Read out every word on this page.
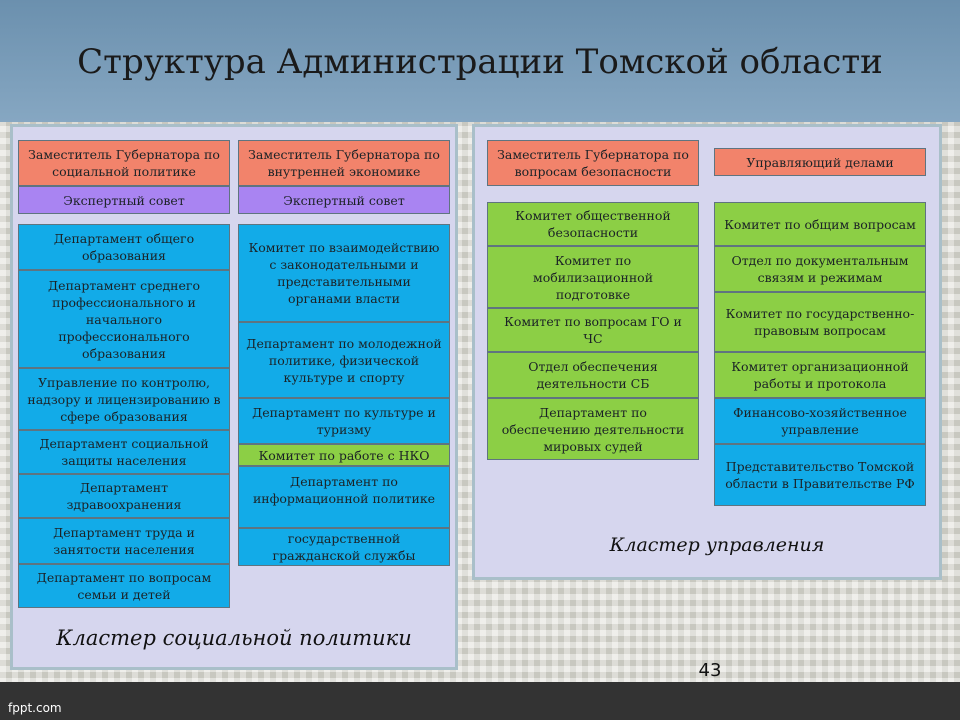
Структура Администрации Томской области
Заместитель Губернатора по социальной политике
Экспертный совет
Департамент общего образования
Департамент среднего профессионального и начального профессионального образования
Управление по контролю, надзору и лицензированию в сфере образования
Департамент социальной защиты населения
Департамент здравоохранения
Департамент труда и занятости населения
Департамент по вопросам семьи и детей
Заместитель Губернатора по внутренней экономике
Экспертный совет
Комитет по взаимодействию с законодательными и представительными органами власти
Департамент по молодежной политике, физической культуре и спорту
Департамент по культуре и туризму
Комитет по работе с НКО
Департамент по информационной политике
государственной гражданской службы
Кластер социальной политики
Заместитель Губернатора по вопросам безопасности
Управляющий делами
Комитет общественной безопасности
Комитет по мобилизационной подготовке
Комитет по вопросам ГО и ЧС
Отдел обеспечения деятельности СБ
Департамент по обеспечению деятельности мировых судей
Комитет по общим вопросам
Отдел по документальным связям и режимам
Комитет по государственно-правовым вопросам
Комитет организационной работы и протокола
Финансово-хозяйственное управление
Представительство Томской области в Правительстве РФ
Кластер управления
43
fppt.com
